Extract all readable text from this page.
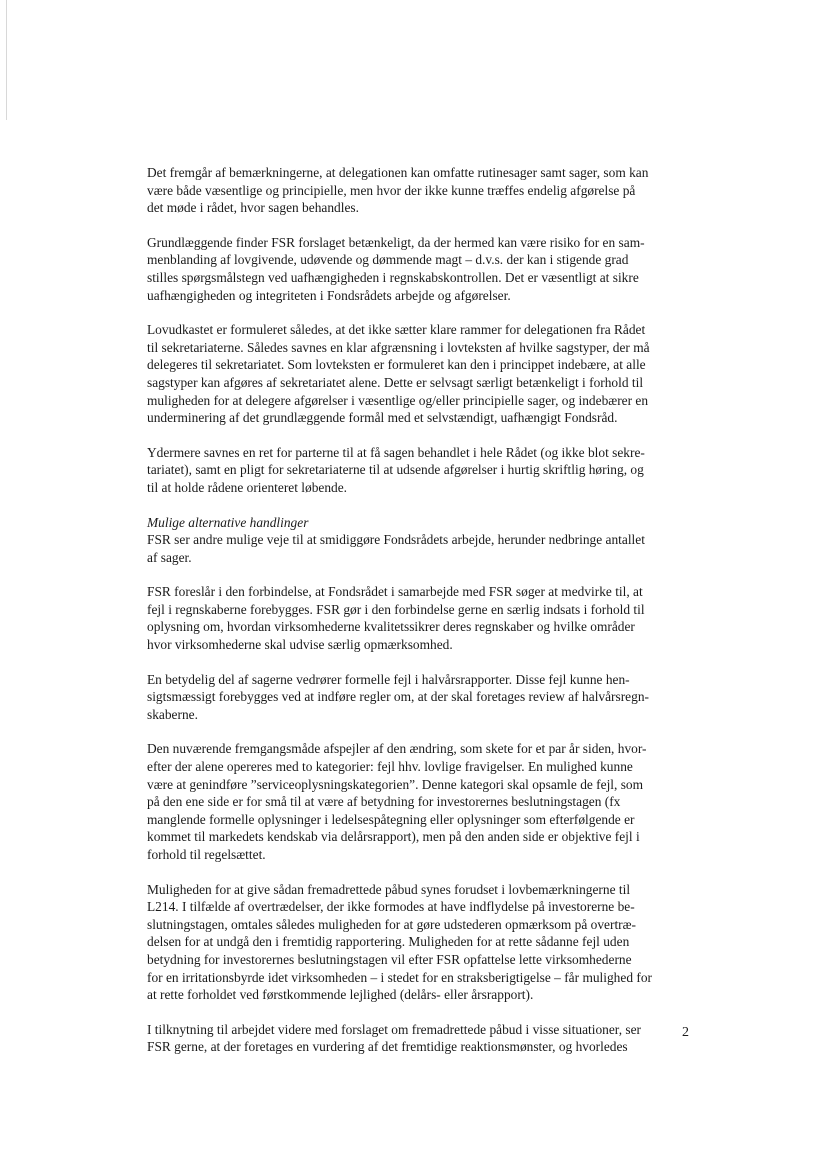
Det fremgår af bemærkningerne, at delegationen kan omfatte rutinesager samt sager, som kan
være både væsentlige og principielle, men hvor der ikke kunne træffes endelig afgørelse på
det møde i rådet, hvor sagen behandles.
Grundlæggende finder FSR forslaget betænkeligt, da der hermed kan være risiko for en sam-
menblanding af lovgivende, udøvende og dømmende magt – d.v.s. der kan i stigende grad
stilles spørgsmålstegn ved uafhængigheden i regnskabskontrollen. Det er væsentligt at sikre
uafhængigheden og integriteten i Fondsrådets arbejde og afgørelser.
Lovudkastet er formuleret således, at det ikke sætter klare rammer for delegationen fra Rådet
til sekretariaterne. Således savnes en klar afgrænsning i lovteksten af hvilke sagstyper, der må
delegeres til sekretariatet. Som lovteksten er formuleret kan den i princippet indebære, at alle
sagstyper kan afgøres af sekretariatet alene. Dette er selvsagt særligt betænkeligt i forhold til
muligheden for at delegere afgørelser i væsentlige og/eller principielle sager, og indebærer en
underminering af det grundlæggende formål med et selvstændigt, uafhængigt Fondsråd.
Ydermere savnes en ret for parterne til at få sagen behandlet i hele Rådet (og ikke blot sekre-
tariatet), samt en pligt for sekretariaterne til at udsende afgørelser i hurtig skriftlig høring, og
til at holde rådene orienteret løbende.
Mulige alternative handlinger
FSR ser andre mulige veje til at smidiggøre Fondsrådets arbejde, herunder nedbringe antallet
af sager.
FSR foreslår i den forbindelse, at Fondsrådet i samarbejde med FSR søger at medvirke til, at
fejl i regnskaberne forebygges. FSR gør i den forbindelse gerne en særlig indsats i forhold til
oplysning om, hvordan virksomhederne kvalitetssikrer deres regnskaber og hvilke områder
hvor virksomhederne skal udvise særlig opmærksomhed.
En betydelig del af sagerne vedrører formelle fejl i halvårsrapporter. Disse fejl kunne hen-
sigtsmæssigt forebygges ved at indføre regler om, at der skal foretages review af halvårsregn-
skaberne.
Den nuværende fremgangsmåde afspejler af den ændring, som skete for et par år siden, hvor-
efter der alene opereres med to kategorier: fejl hhv. lovlige fravigelser. En mulighed kunne
være at genindføre ”serviceoplysningskategorien”. Denne kategori skal opsamle de fejl, som
på den ene side er for små til at være af betydning for investorernes beslutningstagen (fx
manglende formelle oplysninger i ledelsespåtegning eller oplysninger som efterfølgende er
kommet til markedets kendskab via delårsrapport), men på den anden side er objektive fejl i
forhold til regelsættet.
Muligheden for at give sådan fremadrettede påbud synes forudset i lovbemærkningerne til
L214. I tilfælde af overtrædelser, der ikke formodes at have indflydelse på investorerne be-
slutningstagen, omtales således muligheden for at gøre udstederen opmærksom på overtræ-
delsen for at undgå den i fremtidig rapportering. Muligheden for at rette sådanne fejl uden
betydning for investorernes beslutningstagen vil efter FSR opfattelse lette virksomhederne
for en irritationsbyrde idet virksomheden – i stedet for en straksberigtigelse – får mulighed for
at rette forholdet ved førstkommende lejlighed (delårs- eller årsrapport).
I tilknytning til arbejdet videre med forslaget om fremadrettede påbud i visse situationer, ser
FSR gerne, at der foretages en vurdering af det fremtidige reaktionsmønster, og hvorledes
2
